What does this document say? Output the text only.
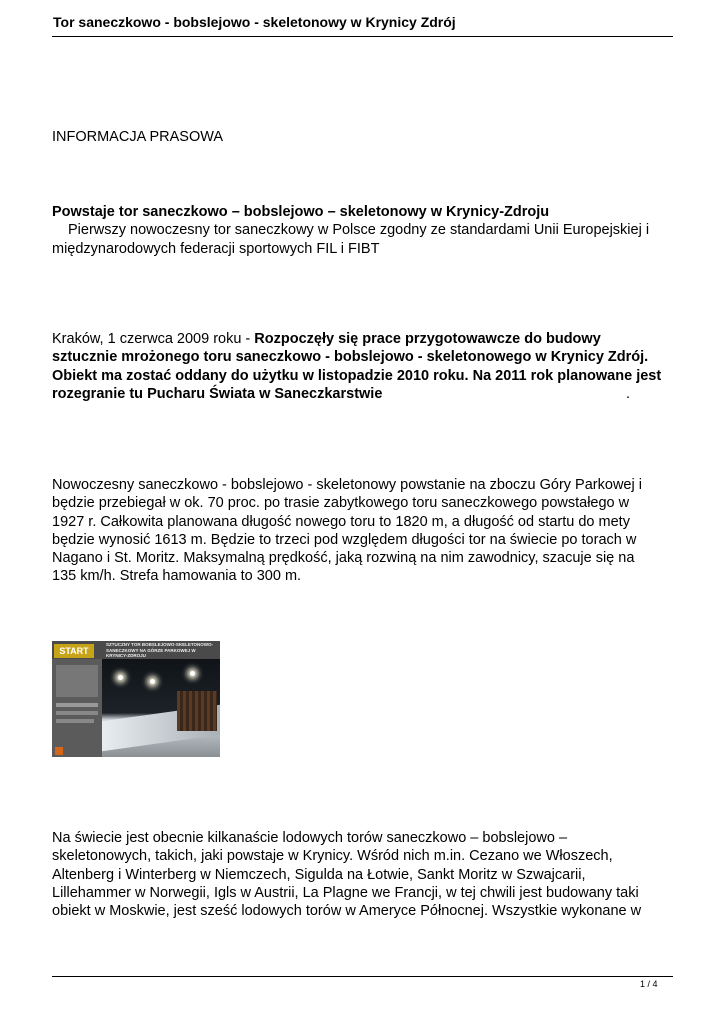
Tor saneczkowo - bobslejowo - skeletonowy w Krynicy Zdrój
INFORMACJA PRASOWA
Powstaje tor saneczkowo – bobslejowo – skeletonowy w Krynicy-Zdroju
Pierwszy nowoczesny tor saneczkowy w Polsce zgodny ze standardami Unii Europejskiej i międzynarodowych federacji sportowych FIL i FIBT
Kraków, 1 czerwca 2009 roku - Rozpoczęły się prace przygotowawcze do budowy sztucznie mrożonego toru saneczkowo - bobslejowo - skeletonowego w Krynicy Zdrój. Obiekt ma zostać oddany do użytku w listopadzie 2010 roku. Na 2011 rok planowane jest rozegranie tu Pucharu Świata w Saneczkarstwie	.
Nowoczesny saneczkowo - bobslejowo - skeletonowy powstanie na zboczu Góry Parkowej i będzie przebiegał w ok. 70 proc. po trasie zabytkowego toru saneczkowego powstałego w 1927 r. Całkowita planowana długość nowego toru to 1820 m, a długość od startu do mety będzie wynosić 1613 m. Będzie to trzeci pod względem długości tor na świecie po torach w Nagano i St. Moritz. Maksymalną prędkość, jaką rozwiną na nim zawodnicy, szacuje się na 135 km/h. Strefa hamowania to 300 m.
START
SZTUCZNY TOR BOBSLEJOWO-SKELETONOWO-SANECZKOWY NA GÓRZE PARKOWEJ W KRYNICY-ZDROJU
Na świecie jest obecnie kilkanaście lodowych torów saneczkowo – bobslejowo – skeletonowych, takich, jaki powstaje w Krynicy. Wśród nich m.in. Cezano we Włoszech, Altenberg i Winterberg w Niemczech, Sigulda na Łotwie, Sankt Moritz w Szwajcarii, Lillehammer w Norwegii, Igls w Austrii, La Plagne we Francji, w tej chwili jest budowany taki obiekt w Moskwie, jest sześć lodowych torów w Ameryce Północnej. Wszystkie wykonane w
1 / 4
